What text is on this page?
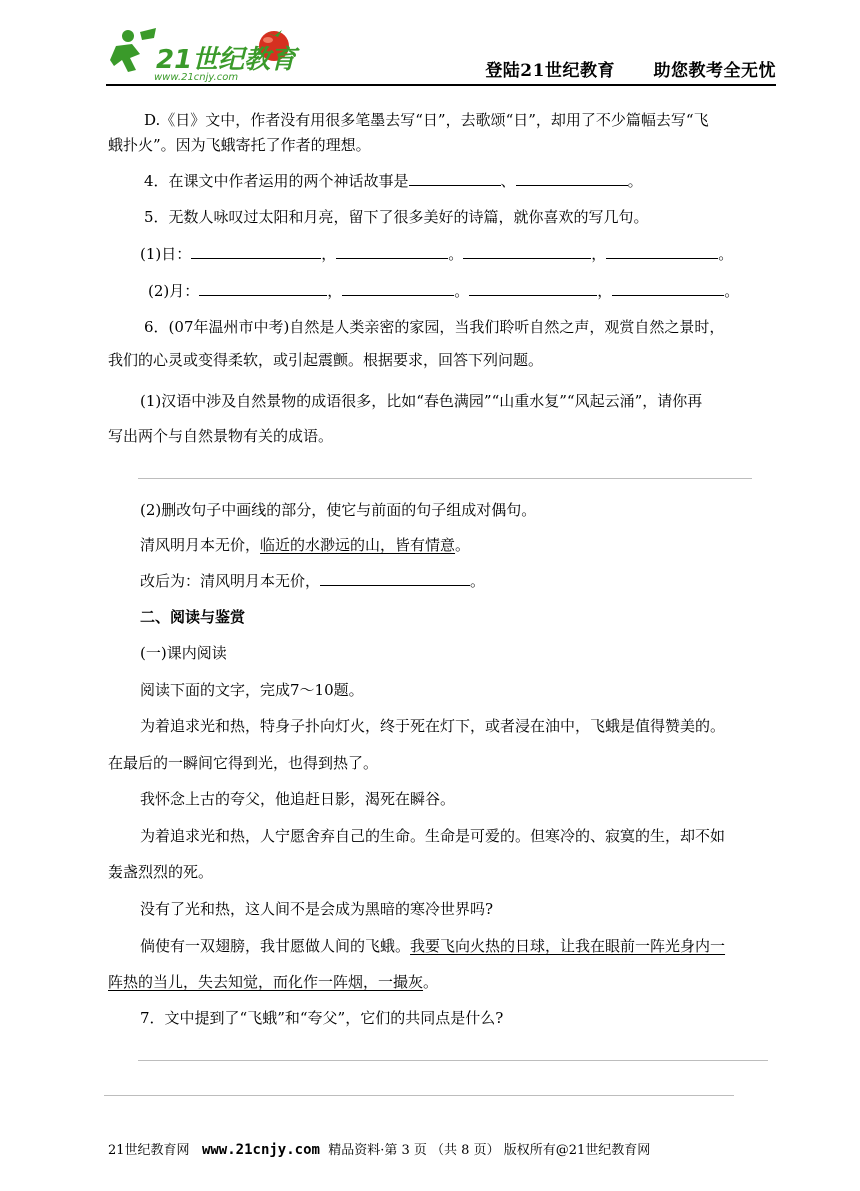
21世纪教育
www.21cnjy.com	登陆21世纪教育 助您教考全无忧
D.《日》文中，作者没有用很多笔墨去写“日”，去歌颂“日”，却用了不少篇幅去写“飞
蛾扑火”。因为飞蛾寄托了作者的理想。
4．在课文中作者运用的两个神话故事是	、	。
5．无数人咏叹过太阳和月亮，留下了很多美好的诗篇，就你喜欢的写几句。
(1)日：	，	。	，	。
(2)月：	，	。	，	。
6．(07年温州市中考)自然是人类亲密的家园，当我们聆听自然之声，观赏自然之景时，
我们的心灵或变得柔软，或引起震颤。根据要求，回答下列问题。
(1)汉语中涉及自然景物的成语很多，比如“春色满园”“山重水复”“风起云涌”，请你再
写出两个与自然景物有关的成语。
(2)删改句子中画线的部分，使它与前面的句子组成对偶句。
清风明月本无价，临近的水渺远的山，皆有情意。
改后为：清风明月本无价，	。
二、阅读与鉴赏
(一)课内阅读
阅读下面的文字，完成7～10题。
为着追求光和热，特身子扑向灯火，终于死在灯下，或者浸在油中，飞蛾是值得赞美的。
在最后的一瞬间它得到光，也得到热了。
我怀念上古的夸父，他追赶日影，渴死在瞬谷。
为着追求光和热，人宁愿舍弃自己的生命。生命是可爱的。但寒冷的、寂寞的生，却不如
轰盏烈烈的死。
没有了光和热，这人间不是会成为黑暗的寒冷世界吗?
倘使有一双翅膀，我甘愿做人间的飞蛾。我要飞向火热的日球，让我在眼前一阵光身内一
阵热的当儿，失去知觉，而化作一阵烟，一撮灰。
7．文中提到了“飞蛾”和“夸父”，它们的共同点是什么?
21世纪教育网 www.21cnjy.com 精品资料·第 3 页 （共 8 页） 版权所有@21世纪教育网
